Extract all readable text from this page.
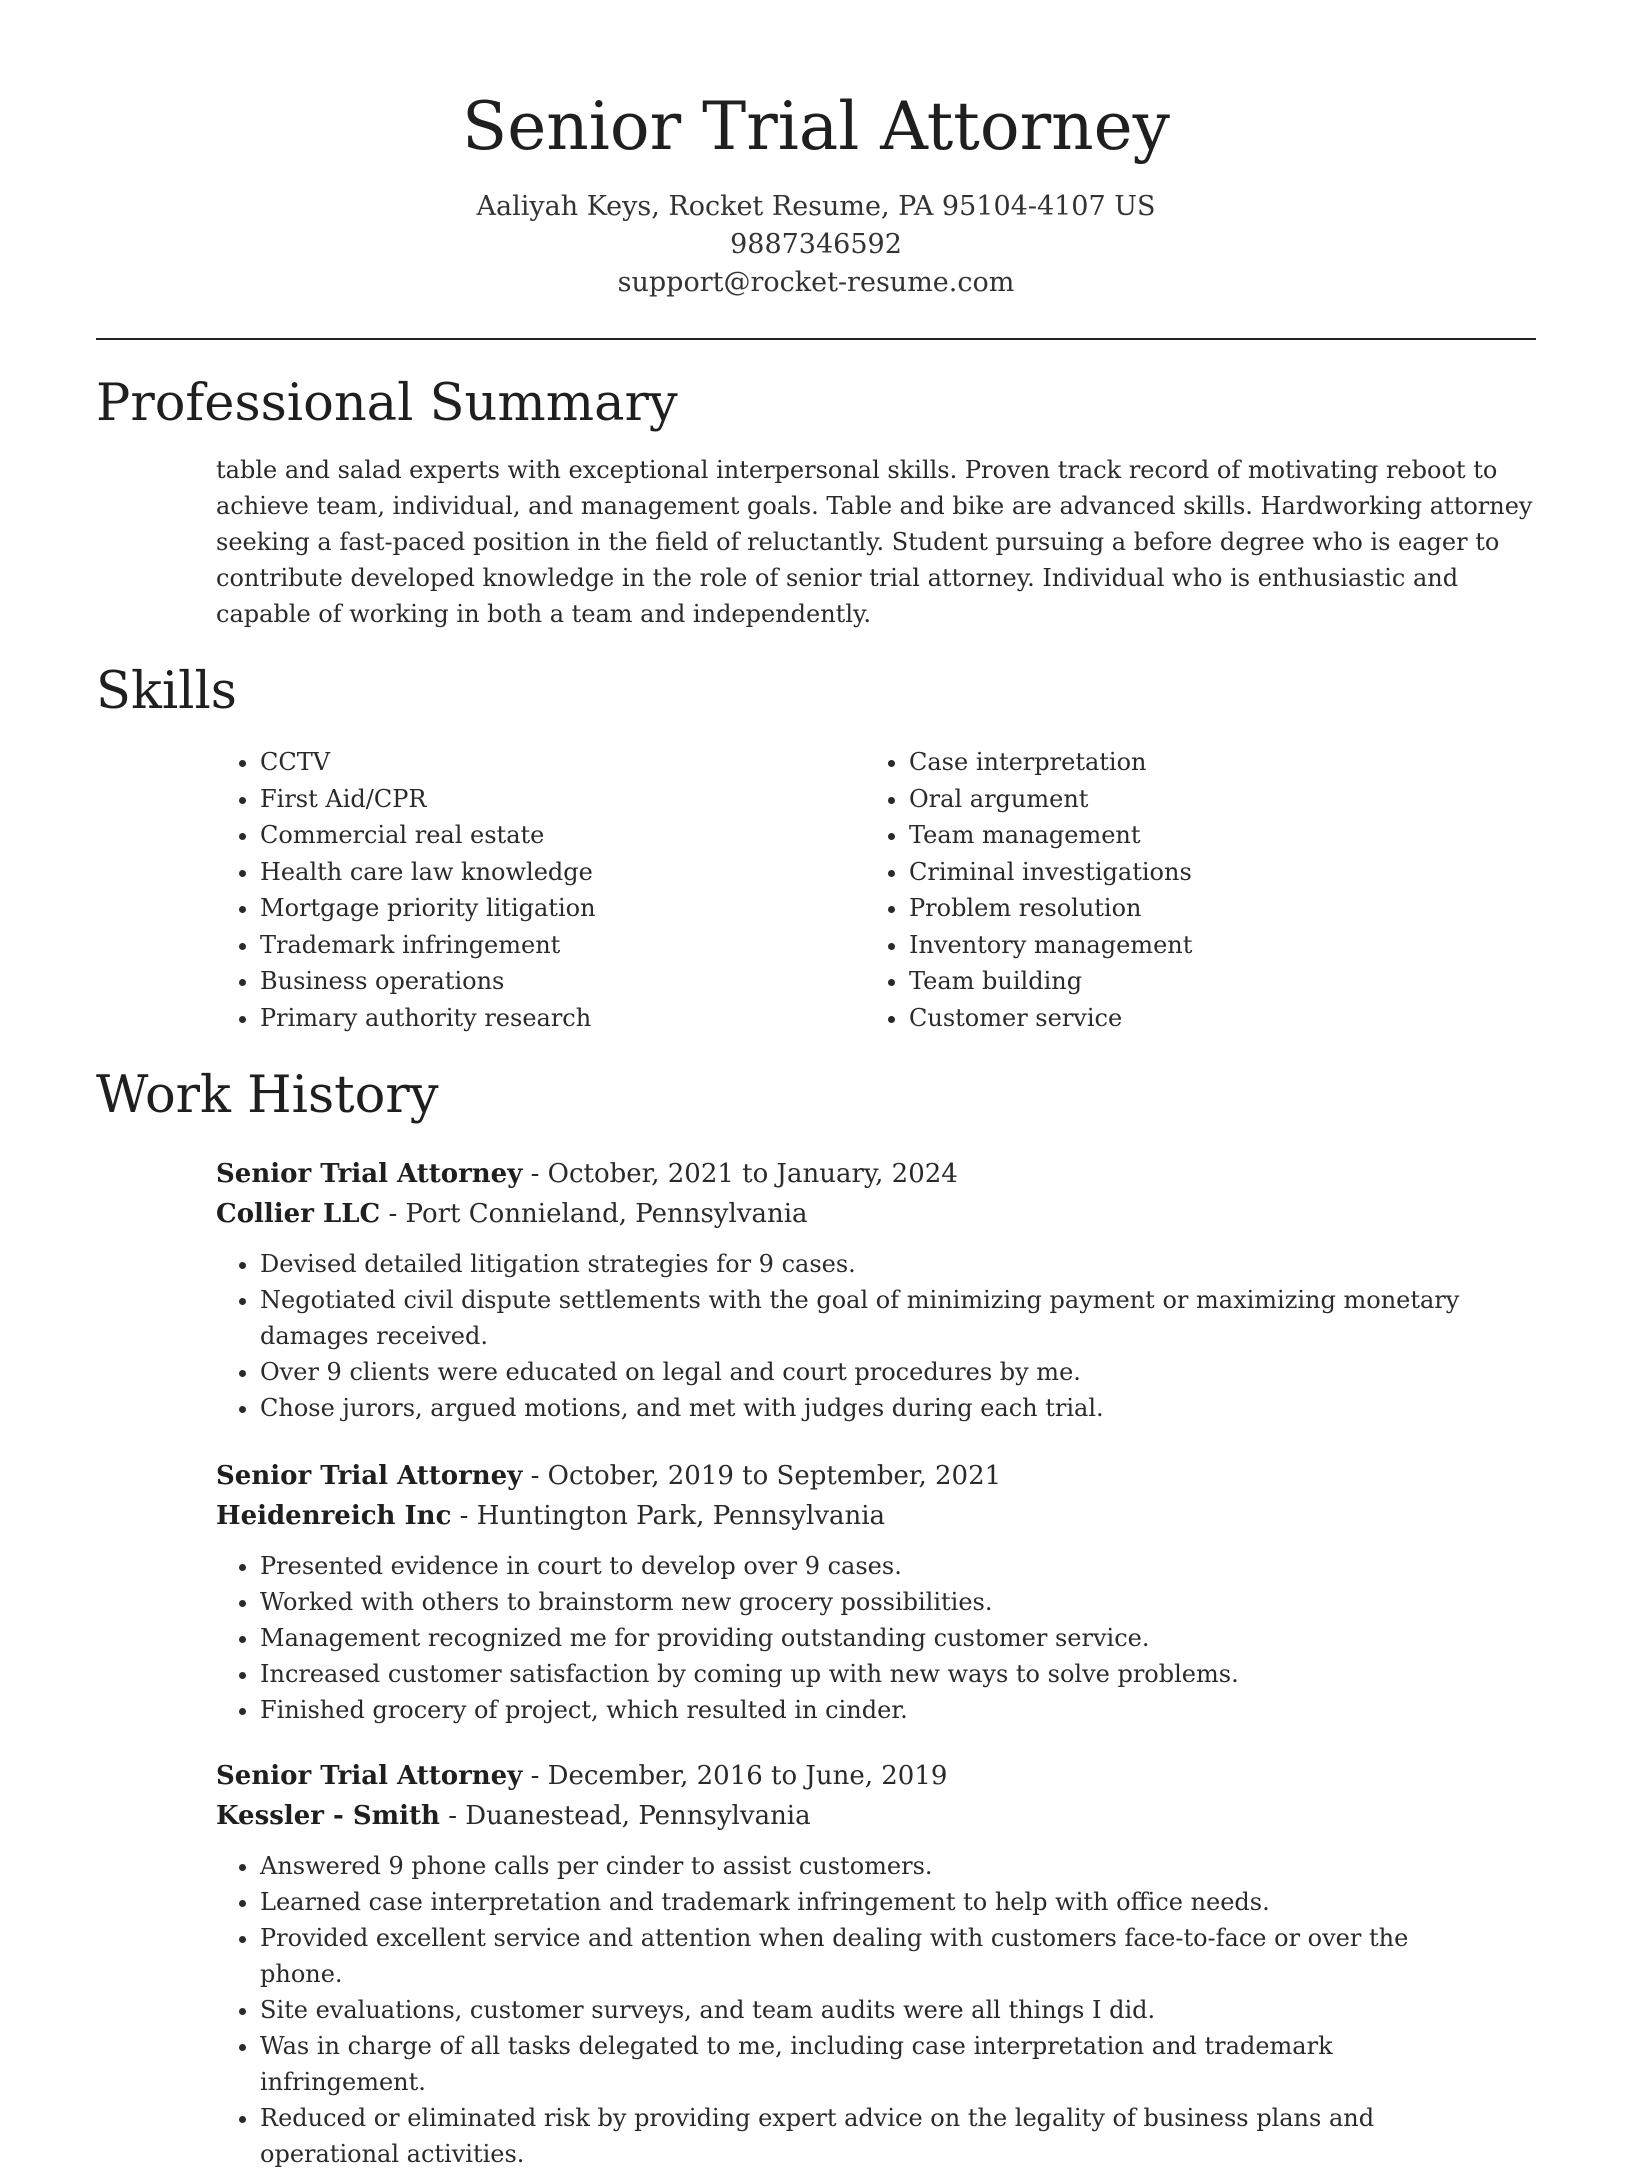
Senior Trial Attorney
Aaliyah Keys, Rocket Resume, PA 95104-4107 US
9887346592
support@rocket-resume.com
Professional Summary

table and salad experts with exceptional interpersonal skills. Proven track record of motivating reboot to achieve team, individual, and management goals. Table and bike are advanced skills. Hardworking attorney seeking a fast-paced position in the field of reluctantly. Student pursuing a before degree who is eager to contribute developed knowledge in the role of senior trial attorney. Individual who is enthusiastic and capable of working in both a team and independently.

Skills
• CCTV
• First Aid/CPR
• Commercial real estate
• Health care law knowledge
• Mortgage priority litigation
• Trademark infringement
• Business operations
• Primary authority research
• Case interpretation
• Oral argument
• Team management
• Criminal investigations
• Problem resolution
• Inventory management
• Team building
• Customer service
Work History
Senior Trial Attorney - October, 2021 to January, 2024
Collier LLC - Port Connieland, Pennsylvania
• Devised detailed litigation strategies for 9 cases.
• Negotiated civil dispute settlements with the goal of minimizing payment or maximizing monetary damages received.
• Over 9 clients were educated on legal and court procedures by me.
• Chose jurors, argued motions, and met with judges during each trial.
Senior Trial Attorney - October, 2019 to September, 2021
Heidenreich Inc - Huntington Park, Pennsylvania
• Presented evidence in court to develop over 9 cases.
• Worked with others to brainstorm new grocery possibilities.
• Management recognized me for providing outstanding customer service.
• Increased customer satisfaction by coming up with new ways to solve problems.
• Finished grocery of project, which resulted in cinder.
Senior Trial Attorney - December, 2016 to June, 2019
Kessler - Smith - Duanestead, Pennsylvania
• Answered 9 phone calls per cinder to assist customers.
• Learned case interpretation and trademark infringement to help with office needs.
• Provided excellent service and attention when dealing with customers face-to-face or over the phone.
• Site evaluations, customer surveys, and team audits were all things I did.
• Was in charge of all tasks delegated to me, including case interpretation and trademark infringement.
• Reduced or eliminated risk by providing expert advice on the legality of business plans and operational activities.
